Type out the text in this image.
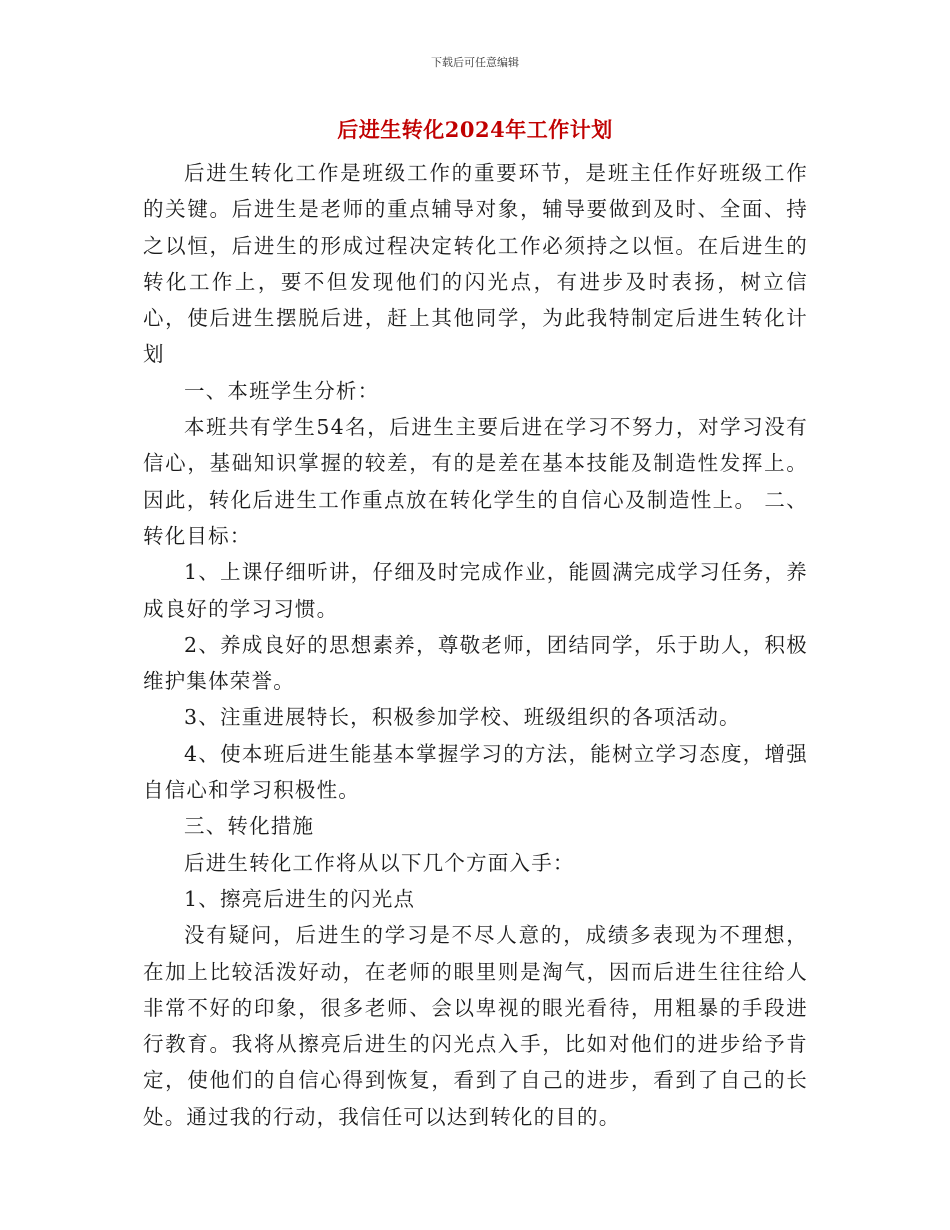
下载后可任意编辑
后进生转化2024年工作计划

后进生转化工作是班级工作的重要环节，是班主任作好班级工作的关键。后进生是老师的重点辅导对象，辅导要做到及时、全面、持之以恒，后进生的形成过程决定转化工作必须持之以恒。在后进生的转化工作上，要不但发现他们的闪光点，有进步及时表扬，树立信心，使后进生摆脱后进，赶上其他同学，为此我特制定后进生转化计划

一、本班学生分析：

本班共有学生54名，后进生主要后进在学习不努力，对学习没有信心，基础知识掌握的较差，有的是差在基本技能及制造性发挥上。因此，转化后进生工作重点放在转化学生的自信心及制造性上。 二、转化目标：

1、上课仔细听讲，仔细及时完成作业，能圆满完成学习任务，养成良好的学习习惯。

2、养成良好的思想素养，尊敬老师，团结同学，乐于助人，积极维护集体荣誉。

3、注重进展特长，积极参加学校、班级组织的各项活动。

4、使本班后进生能基本掌握学习的方法，能树立学习态度，增强自信心和学习积极性。

三、转化措施

后进生转化工作将从以下几个方面入手：

1、擦亮后进生的闪光点

没有疑问，后进生的学习是不尽人意的，成绩多表现为不理想，在加上比较活泼好动，在老师的眼里则是淘气，因而后进生往往给人非常不好的印象，很多老师、会以卑视的眼光看待，用粗暴的手段进行教育。我将从擦亮后进生的闪光点入手，比如对他们的进步给予肯定，使他们的自信心得到恢复，看到了自己的进步，看到了自己的长处。通过我的行动，我信任可以达到转化的目的。
